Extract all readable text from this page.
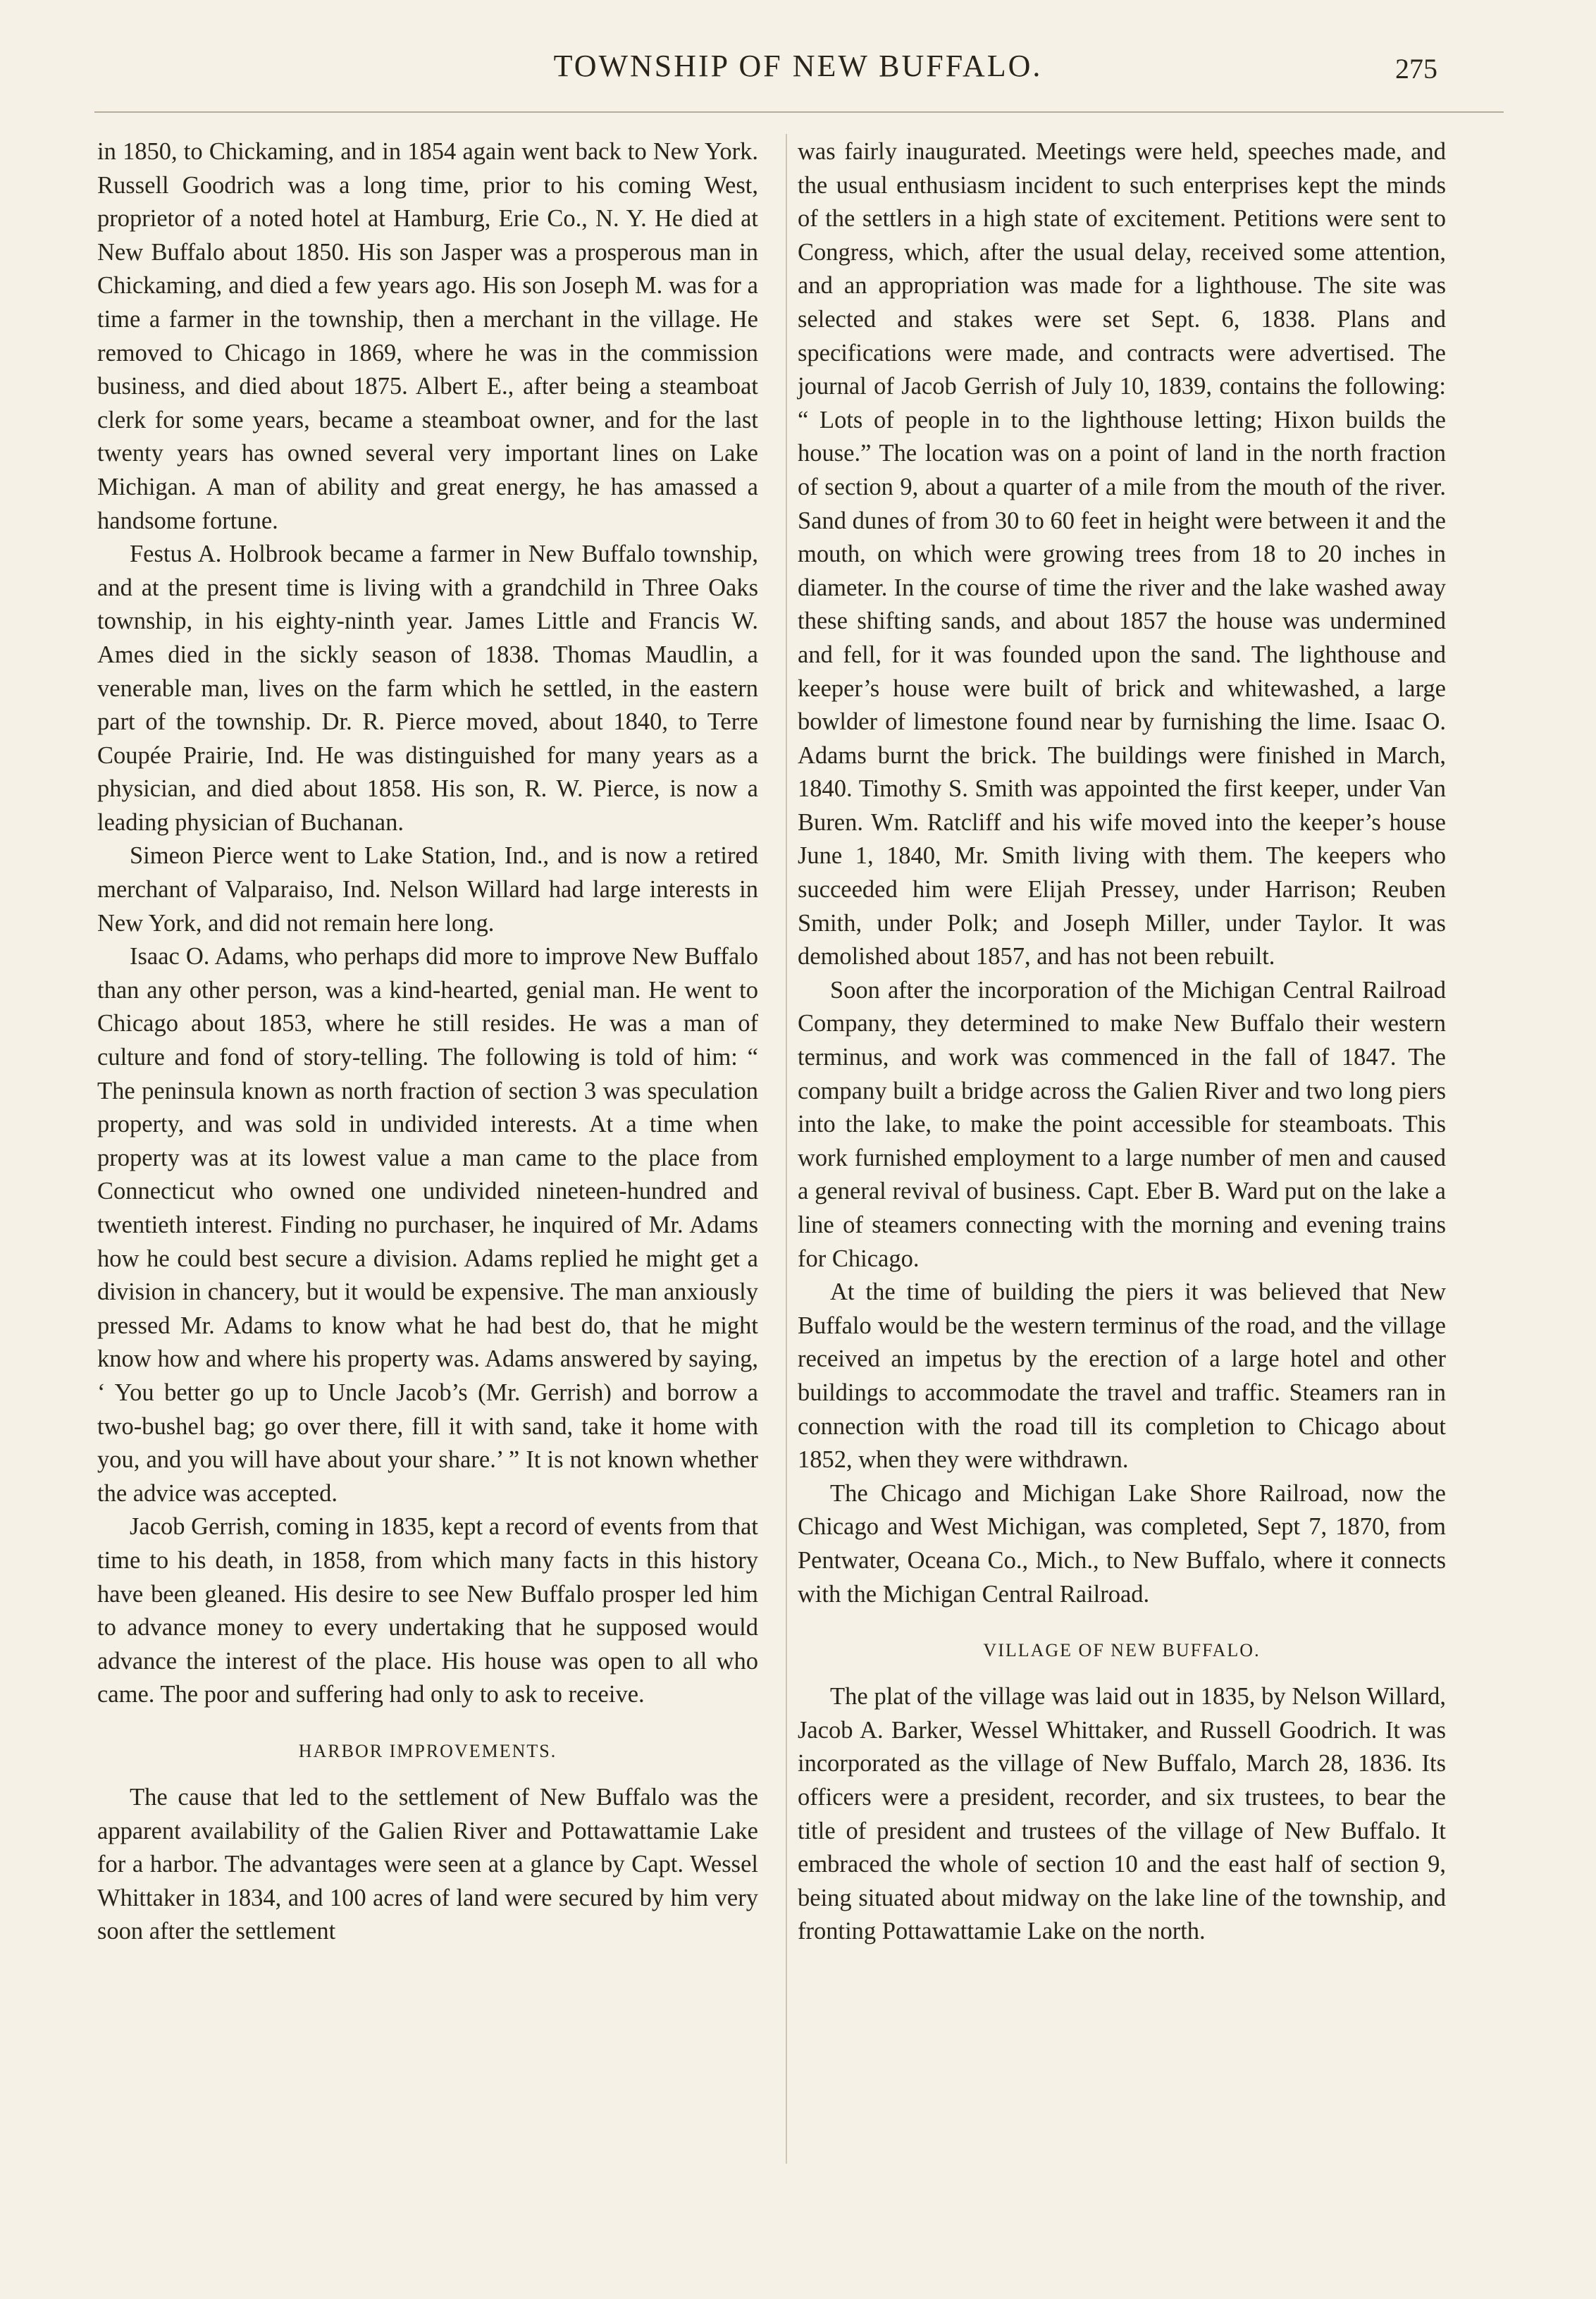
TOWNSHIP OF NEW BUFFALO.	275

in 1850, to Chickaming, and in 1854 again went back to New York. Russell Goodrich was a long time, prior to his coming West, proprietor of a noted hotel at Hamburg, Erie Co., N. Y. He died at New Buffalo about 1850. His son Jasper was a prosperous man in Chickaming, and died a few years ago. His son Joseph M. was for a time a farmer in the township, then a merchant in the village. He removed to Chicago in 1869, where he was in the commission business, and died about 1875. Albert E., after being a steamboat clerk for some years, became a steamboat owner, and for the last twenty years has owned several very important lines on Lake Michigan. A man of ability and great energy, he has amassed a handsome fortune.

Festus A. Holbrook became a farmer in New Buffalo township, and at the present time is living with a grandchild in Three Oaks township, in his eighty-ninth year. James Little and Francis W. Ames died in the sickly season of 1838. Thomas Maudlin, a venerable man, lives on the farm which he settled, in the eastern part of the township. Dr. R. Pierce moved, about 1840, to Terre Coupée Prairie, Ind. He was distinguished for many years as a physician, and died about 1858. His son, R. W. Pierce, is now a leading physician of Buchanan.

Simeon Pierce went to Lake Station, Ind., and is now a retired merchant of Valparaiso, Ind. Nelson Willard had large interests in New York, and did not remain here long.

Isaac O. Adams, who perhaps did more to improve New Buffalo than any other person, was a kind-hearted, genial man. He went to Chicago about 1853, where he still resides. He was a man of culture and fond of story-telling. The following is told of him: “ The peninsula known as north fraction of section 3 was speculation property, and was sold in undivided interests. At a time when property was at its lowest value a man came to the place from Connecticut who owned one undivided nineteen-hundred and twentieth interest. Finding no purchaser, he inquired of Mr. Adams how he could best secure a division. Adams replied he might get a division in chancery, but it would be expensive. The man anxiously pressed Mr. Adams to know what he had best do, that he might know how and where his property was. Adams answered by saying, ‘ You better go up to Uncle Jacob’s (Mr. Gerrish) and borrow a two-bushel bag; go over there, fill it with sand, take it home with you, and you will have about your share.’ ” It is not known whether the advice was accepted.

Jacob Gerrish, coming in 1835, kept a record of events from that time to his death, in 1858, from which many facts in this history have been gleaned. His desire to see New Buffalo prosper led him to advance money to every undertaking that he supposed would advance the interest of the place. His house was open to all who came. The poor and suffering had only to ask to receive.

HARBOR IMPROVEMENTS.

The cause that led to the settlement of New Buffalo was the apparent availability of the Galien River and Pottawattamie Lake for a harbor. The advantages were seen at a glance by Capt. Wessel Whittaker in 1834, and 100 acres of land were secured by him very soon after the settlement

was fairly inaugurated. Meetings were held, speeches made, and the usual enthusiasm incident to such enterprises kept the minds of the settlers in a high state of excitement. Petitions were sent to Congress, which, after the usual delay, received some attention, and an appropriation was made for a lighthouse. The site was selected and stakes were set Sept. 6, 1838. Plans and specifications were made, and contracts were advertised. The journal of Jacob Gerrish of July 10, 1839, contains the following: “ Lots of people in to the lighthouse letting; Hixon builds the house.” The location was on a point of land in the north fraction of section 9, about a quarter of a mile from the mouth of the river. Sand dunes of from 30 to 60 feet in height were between it and the mouth, on which were growing trees from 18 to 20 inches in diameter. In the course of time the river and the lake washed away these shifting sands, and about 1857 the house was undermined and fell, for it was founded upon the sand. The lighthouse and keeper’s house were built of brick and whitewashed, a large bowlder of limestone found near by furnishing the lime. Isaac O. Adams burnt the brick. The buildings were finished in March, 1840. Timothy S. Smith was appointed the first keeper, under Van Buren. Wm. Ratcliff and his wife moved into the keeper’s house June 1, 1840, Mr. Smith living with them. The keepers who succeeded him were Elijah Pressey, under Harrison; Reuben Smith, under Polk; and Joseph Miller, under Taylor. It was demolished about 1857, and has not been rebuilt.

Soon after the incorporation of the Michigan Central Railroad Company, they determined to make New Buffalo their western terminus, and work was commenced in the fall of 1847. The company built a bridge across the Galien River and two long piers into the lake, to make the point accessible for steamboats. This work furnished employment to a large number of men and caused a general revival of business. Capt. Eber B. Ward put on the lake a line of steamers connecting with the morning and evening trains for Chicago.

At the time of building the piers it was believed that New Buffalo would be the western terminus of the road, and the village received an impetus by the erection of a large hotel and other buildings to accommodate the travel and traffic. Steamers ran in connection with the road till its completion to Chicago about 1852, when they were withdrawn.

The Chicago and Michigan Lake Shore Railroad, now the Chicago and West Michigan, was completed, Sept 7, 1870, from Pentwater, Oceana Co., Mich., to New Buffalo, where it connects with the Michigan Central Railroad.

VILLAGE OF NEW BUFFALO.

The plat of the village was laid out in 1835, by Nelson Willard, Jacob A. Barker, Wessel Whittaker, and Russell Goodrich. It was incorporated as the village of New Buffalo, March 28, 1836. Its officers were a president, recorder, and six trustees, to bear the title of president and trustees of the village of New Buffalo. It embraced the whole of section 10 and the east half of section 9, being situated about midway on the lake line of the township, and fronting Pottawattamie Lake on the north.
